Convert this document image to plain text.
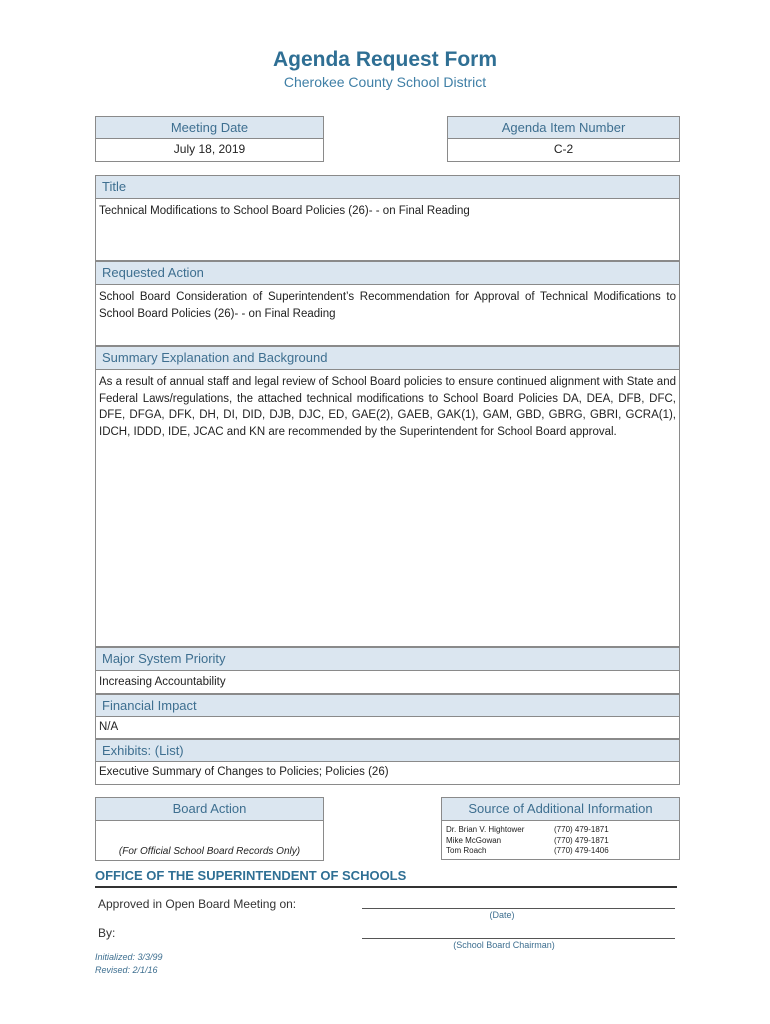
Agenda Request Form
Cherokee County School District
Meeting Date
July 18, 2019
Agenda Item Number
C-2
Title
Technical Modifications to School Board Policies (26)- - on Final Reading
Requested Action
School Board Consideration of Superintendent’s Recommendation for Approval of Technical Modifications to School Board Policies (26)- - on Final Reading
Summary Explanation and Background
As a result of annual staff and legal review of School Board policies to ensure continued alignment with State and Federal Laws/regulations, the attached technical modifications to School Board Policies DA, DEA, DFB, DFC, DFE, DFGA, DFK, DH, DI, DID, DJB, DJC, ED, GAE(2), GAEB, GAK(1), GAM, GBD, GBRG, GBRI, GCRA(1), IDCH, IDDD, IDE, JCAC and KN are recommended by the Superintendent for School Board approval.
Major System Priority
Increasing Accountability
Financial Impact
N/A
Exhibits: (List)
Executive Summary of Changes to Policies; Policies (26)
Board Action
(For Official School Board Records Only)
Source of Additional Information
Dr. Brian V. Hightower	(770) 479-1871
Mike McGowan	(770) 479-1871
Tom Roach	(770) 479-1406
OFFICE OF THE SUPERINTENDENT OF SCHOOLS
Approved in Open Board Meeting on:
(Date)
By:
(School Board Chairman)
Initialized: 3/3/99
Revised: 2/1/16
